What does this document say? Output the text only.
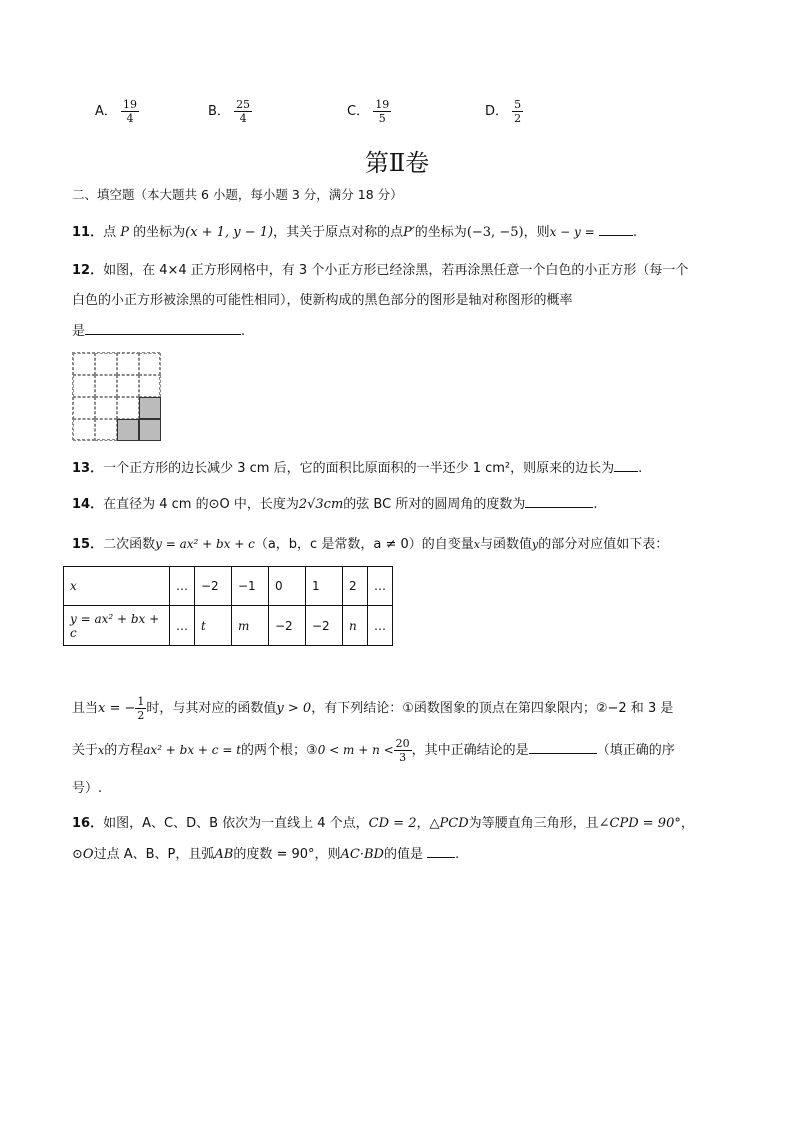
A． $\frac{19}{4}$	B． $\frac{25}{4}$	C． $\frac{19}{5}$	D． $\frac{5}{2}$
第Ⅱ卷
二、填空题（本大题共 6 小题，每小题 3 分，满分 18 分）
11．点 P 的坐标为(x + 1, y − 1)，其关于原点对称的点P′的坐标为(−3, −5)，则x − y =	.
12．如图，在 4×4 正方形网格中，有 3 个小正方形已经涂黑，若再涂黑任意一个白色的小正方形（每一个
白色的小正方形被涂黑的可能性相同），使新构成的黑色部分的图形是轴对称图形的概率
是	.
13．一个正方形的边长减少 3 cm 后，它的面积比原面积的一半还少 1 cm²，则原来的边长为 .
14．在直径为 4 cm 的⊙O 中，长度为2√3cm的弦 BC 所对的圆周角的度数为	.
15．二次函数y = ax² + bx + c（a，b，c 是常数，a ≠ 0）的自变量x与函数值y的部分对应值如下表：
x	…	−2	−1	0	1	2	…
y = ax² + bx + c	…	t	m	−2	−2	n	…
且当x = − $\frac{1}{2}$ 时，与其对应的函数值y > 0，有下列结论：①函数图象的顶点在第四象限内；②−2 和 3 是
关于x的方程ax² + bx + c = t的两个根；③0 < $m + n < \frac{20}{3}$ ，其中正确结论的是	（填正确的序
号）.
16．如图，A、C、D、B 依次为一直线上 4 个点，CD = 2，△PCD为等腰直角三角形，且∠CPD = 90°，
⊙O过点 A、B、P，且弧AB的度数 = 90°，则AC·BD的值是 .
